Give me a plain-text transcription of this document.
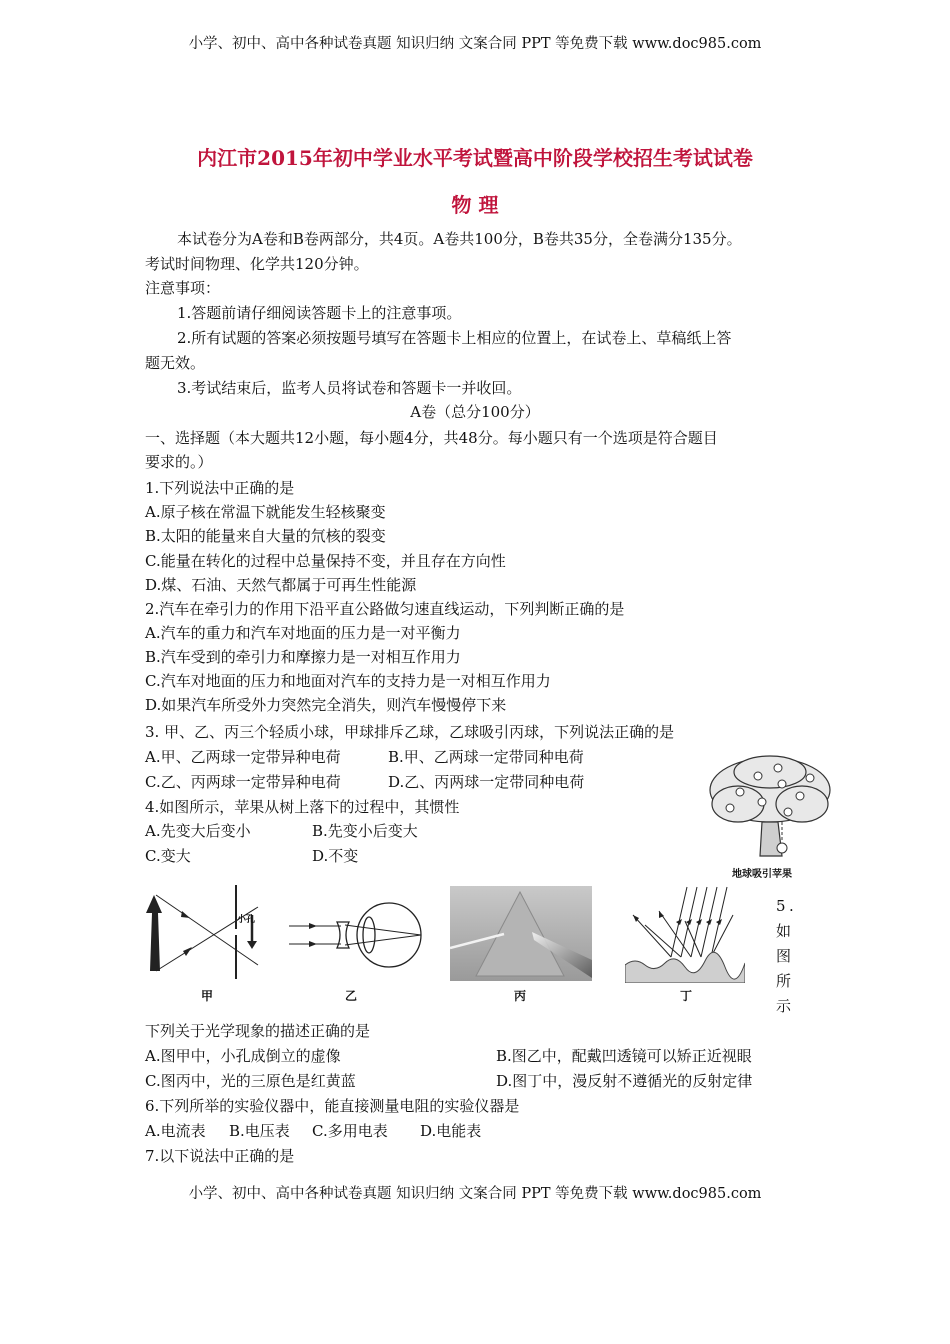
小学、初中、高中各种试卷真题 知识归纳 文案合同 PPT 等免费下载 www.doc985.com
内江市2015年初中学业水平考试暨高中阶段学校招生考试试卷
物 理
本试卷分为A卷和B卷两部分，共4页。A卷共100分，B卷共35分，全卷满分135分。
考试时间物理、化学共120分钟。
注意事项：
1.答题前请仔细阅读答题卡上的注意事项。
2.所有试题的答案必须按题号填写在答题卡上相应的位置上，在试卷上、草稿纸上答
题无效。
3.考试结束后，监考人员将试卷和答题卡一并收回。
A卷（总分100分）
一、选择题（本大题共12小题，每小题4分，共48分。每小题只有一个选项是符合题目
要求的。）
1.下列说法中正确的是
A.原子核在常温下就能发生轻核聚变
B.太阳的能量来自大量的氘核的裂变
C.能量在转化的过程中总量保持不变，并且存在方向性
D.煤、石油、天然气都属于可再生性能源
2.汽车在牵引力的作用下沿平直公路做匀速直线运动，下列判断正确的是
A.汽车的重力和汽车对地面的压力是一对平衡力
B.汽车受到的牵引力和摩擦力是一对相互作用力
C.汽车对地面的压力和地面对汽车的支持力是一对相互作用力
D.如果汽车所受外力突然完全消失，则汽车慢慢停下来
3. 甲、乙、丙三个轻质小球，甲球排斥乙球，乙球吸引丙球，下列说法正确的是
A.甲、乙两球一定带异种电荷	B.甲、乙两球一定带同种电荷
C.乙、丙两球一定带异种电荷	D.乙、丙两球一定带同种电荷
4.如图所示，苹果从树上落下的过程中，其惯性
A.先变大后变小	B.先变小后变大
C.变大	D.不变
地球吸引苹果
小孔
甲	乙	丙	丁
5 .
如
图
所
示
下列关于光学现象的描述正确的是
A.图甲中，小孔成倒立的虚像	B.图乙中，配戴凹透镜可以矫正近视眼
C.图丙中，光的三原色是红黄蓝	D.图丁中，漫反射不遵循光的反射定律
6.下列所举的实验仪器中，能直接测量电阻的实验仪器是
A.电流表 B.电压表 C.多用电表 D.电能表
7.以下说法中正确的是
小学、初中、高中各种试卷真题 知识归纳 文案合同 PPT 等免费下载 www.doc985.com
